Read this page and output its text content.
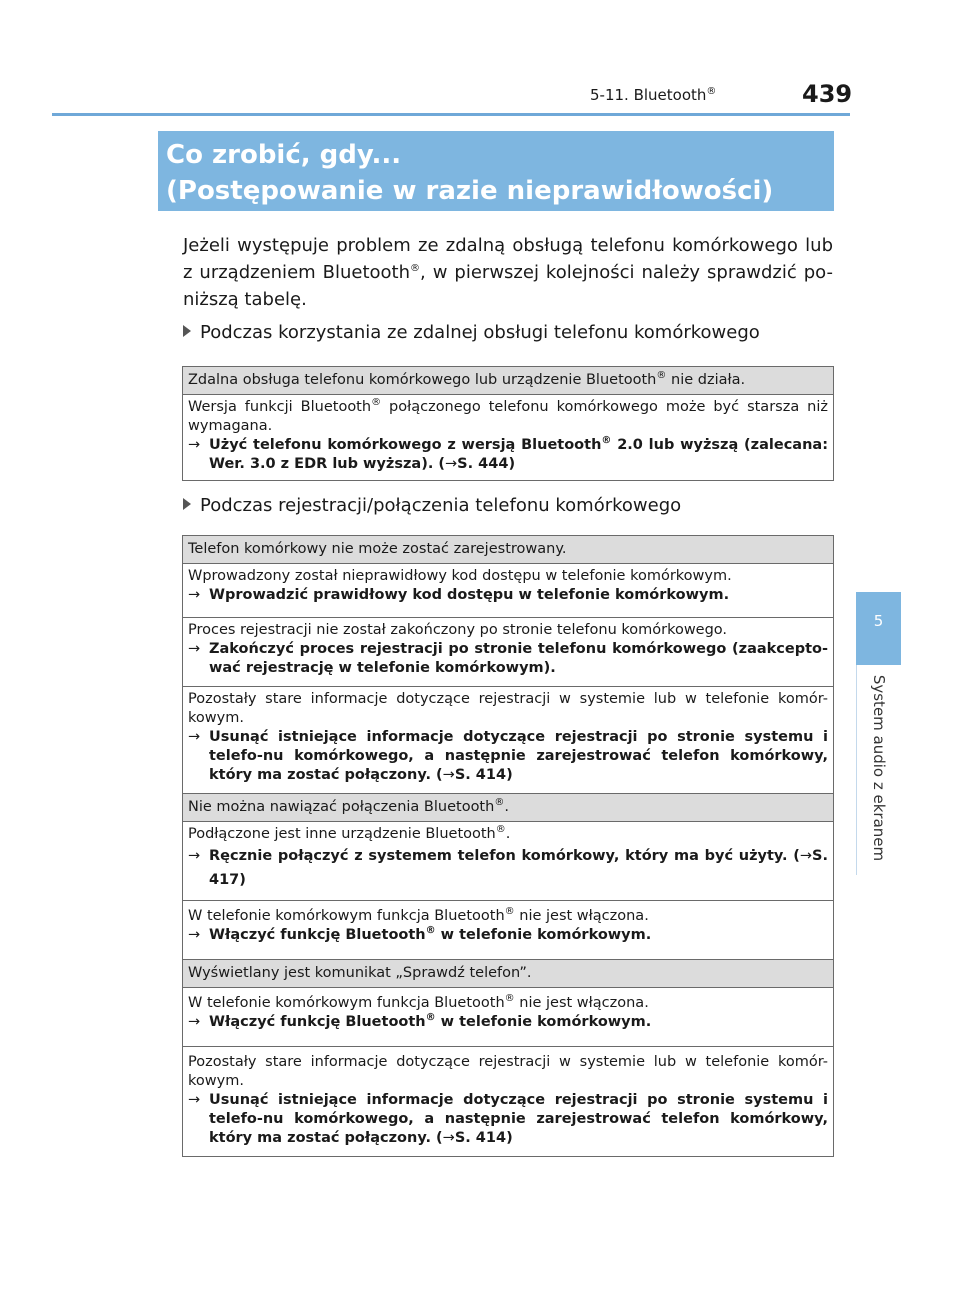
5-11. Bluetooth®	439
Co zrobić, gdy...
(Postępowanie w razie nieprawidłowości)
Jeżeli występuje problem ze zdalną obsługą telefonu komórkowego lub z urządzeniem Bluetooth®, w pierwszej kolejności należy sprawdzić po-niższą tabelę.
Podczas korzystania ze zdalnej obsługi telefonu komórkowego
Zdalna obsługa telefonu komórkowego lub urządzenie Bluetooth® nie działa.

Wersja funkcji Bluetooth® połączonego telefonu komórkowego może być starsza niż wymagana.
→ Użyć telefonu komórkowego z wersją Bluetooth® 2.0 lub wyższą (zalecana: Wer. 3.0 z EDR lub wyższa). (→S. 444)
Podczas rejestracji/połączenia telefonu komórkowego
Telefon komórkowy nie może zostać zarejestrowany.

Wprowadzony został nieprawidłowy kod dostępu w telefonie komórkowym.
→ Wprowadzić prawidłowy kod dostępu w telefonie komórkowym.

Proces rejestracji nie został zakończony po stronie telefonu komórkowego.
→ Zakończyć proces rejestracji po stronie telefonu komórkowego (zaakcepto-wać rejestrację w telefonie komórkowym).

Pozostały stare informacje dotyczące rejestracji w systemie lub w telefonie komór-kowym.
→ Usunąć istniejące informacje dotyczące rejestracji po stronie systemu i telefo-nu komórkowego, a następnie zarejestrować telefon komórkowy, który ma zostać połączony. (→S. 414)

Nie można nawiązać połączenia Bluetooth®.

Podłączone jest inne urządzenie Bluetooth®.
→ Ręcznie połączyć z systemem telefon komórkowy, który ma być użyty. (→S. 417)

W telefonie komórkowym funkcja Bluetooth® nie jest włączona.
→ Włączyć funkcję Bluetooth® w telefonie komórkowym.

Wyświetlany jest komunikat „Sprawdź telefon”.

W telefonie komórkowym funkcja Bluetooth® nie jest włączona.
→ Włączyć funkcję Bluetooth® w telefonie komórkowym.

Pozostały stare informacje dotyczące rejestracji w systemie lub w telefonie komór-kowym.
→ Usunąć istniejące informacje dotyczące rejestracji po stronie systemu i telefo-nu komórkowego, a następnie zarejestrować telefon komórkowy, który ma zostać połączony. (→S. 414)
5
System audio z ekranem
